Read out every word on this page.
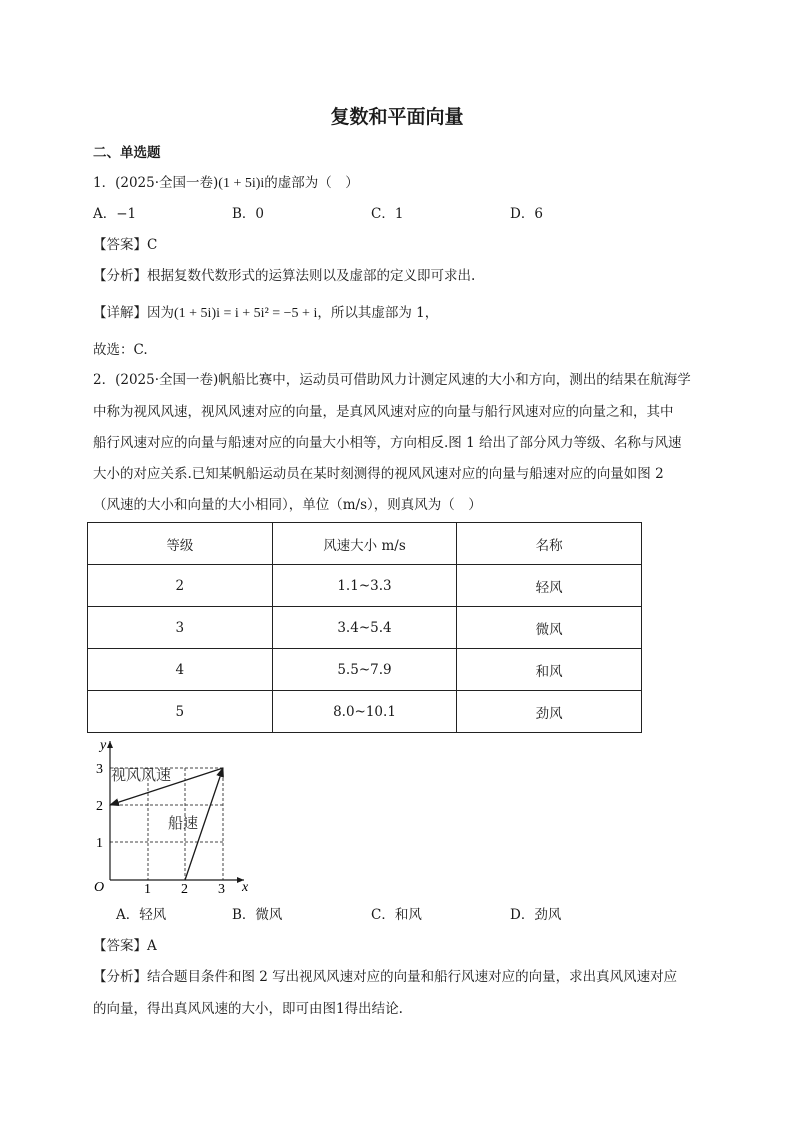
复数和平面向量
二、单选题
1．(2025·全国一卷)(1 + 5i)i的虚部为（　）
A．−1	B．0	C．1	D．6
【答案】C
【分析】根据复数代数形式的运算法则以及虚部的定义即可求出.
【详解】因为(1 + 5i)i = i + 5i² = −5 + i，所以其虚部为 1，
故选：C.
2．(2025·全国一卷)帆船比赛中，运动员可借助风力计测定风速的大小和方向，测出的结果在航海学
中称为视风风速，视风风速对应的向量，是真风风速对应的向量与船行风速对应的向量之和，其中
船行风速对应的向量与船速对应的向量大小相等，方向相反.图 1 给出了部分风力等级、名称与风速
大小的对应关系.已知某帆船运动员在某时刻测得的视风风速对应的向量与船速对应的向量如图 2
（风速的大小和向量的大小相同），单位（m/s），则真风为（　）
等级	风速大小 m/s	名称
2	1.1~3.3	轻风
3	3.4~5.4	微风
4	5.5~7.9	和风
5	8.0~10.1	劲风
y
x
O
3
2
1
1 2 3
视风风速
船速
A．轻风	B．微风	C．和风	D．劲风
【答案】A
【分析】结合题目条件和图 2 写出视风风速对应的向量和船行风速对应的向量，求出真风风速对应
的向量，得出真风风速的大小，即可由图1得出结论.
